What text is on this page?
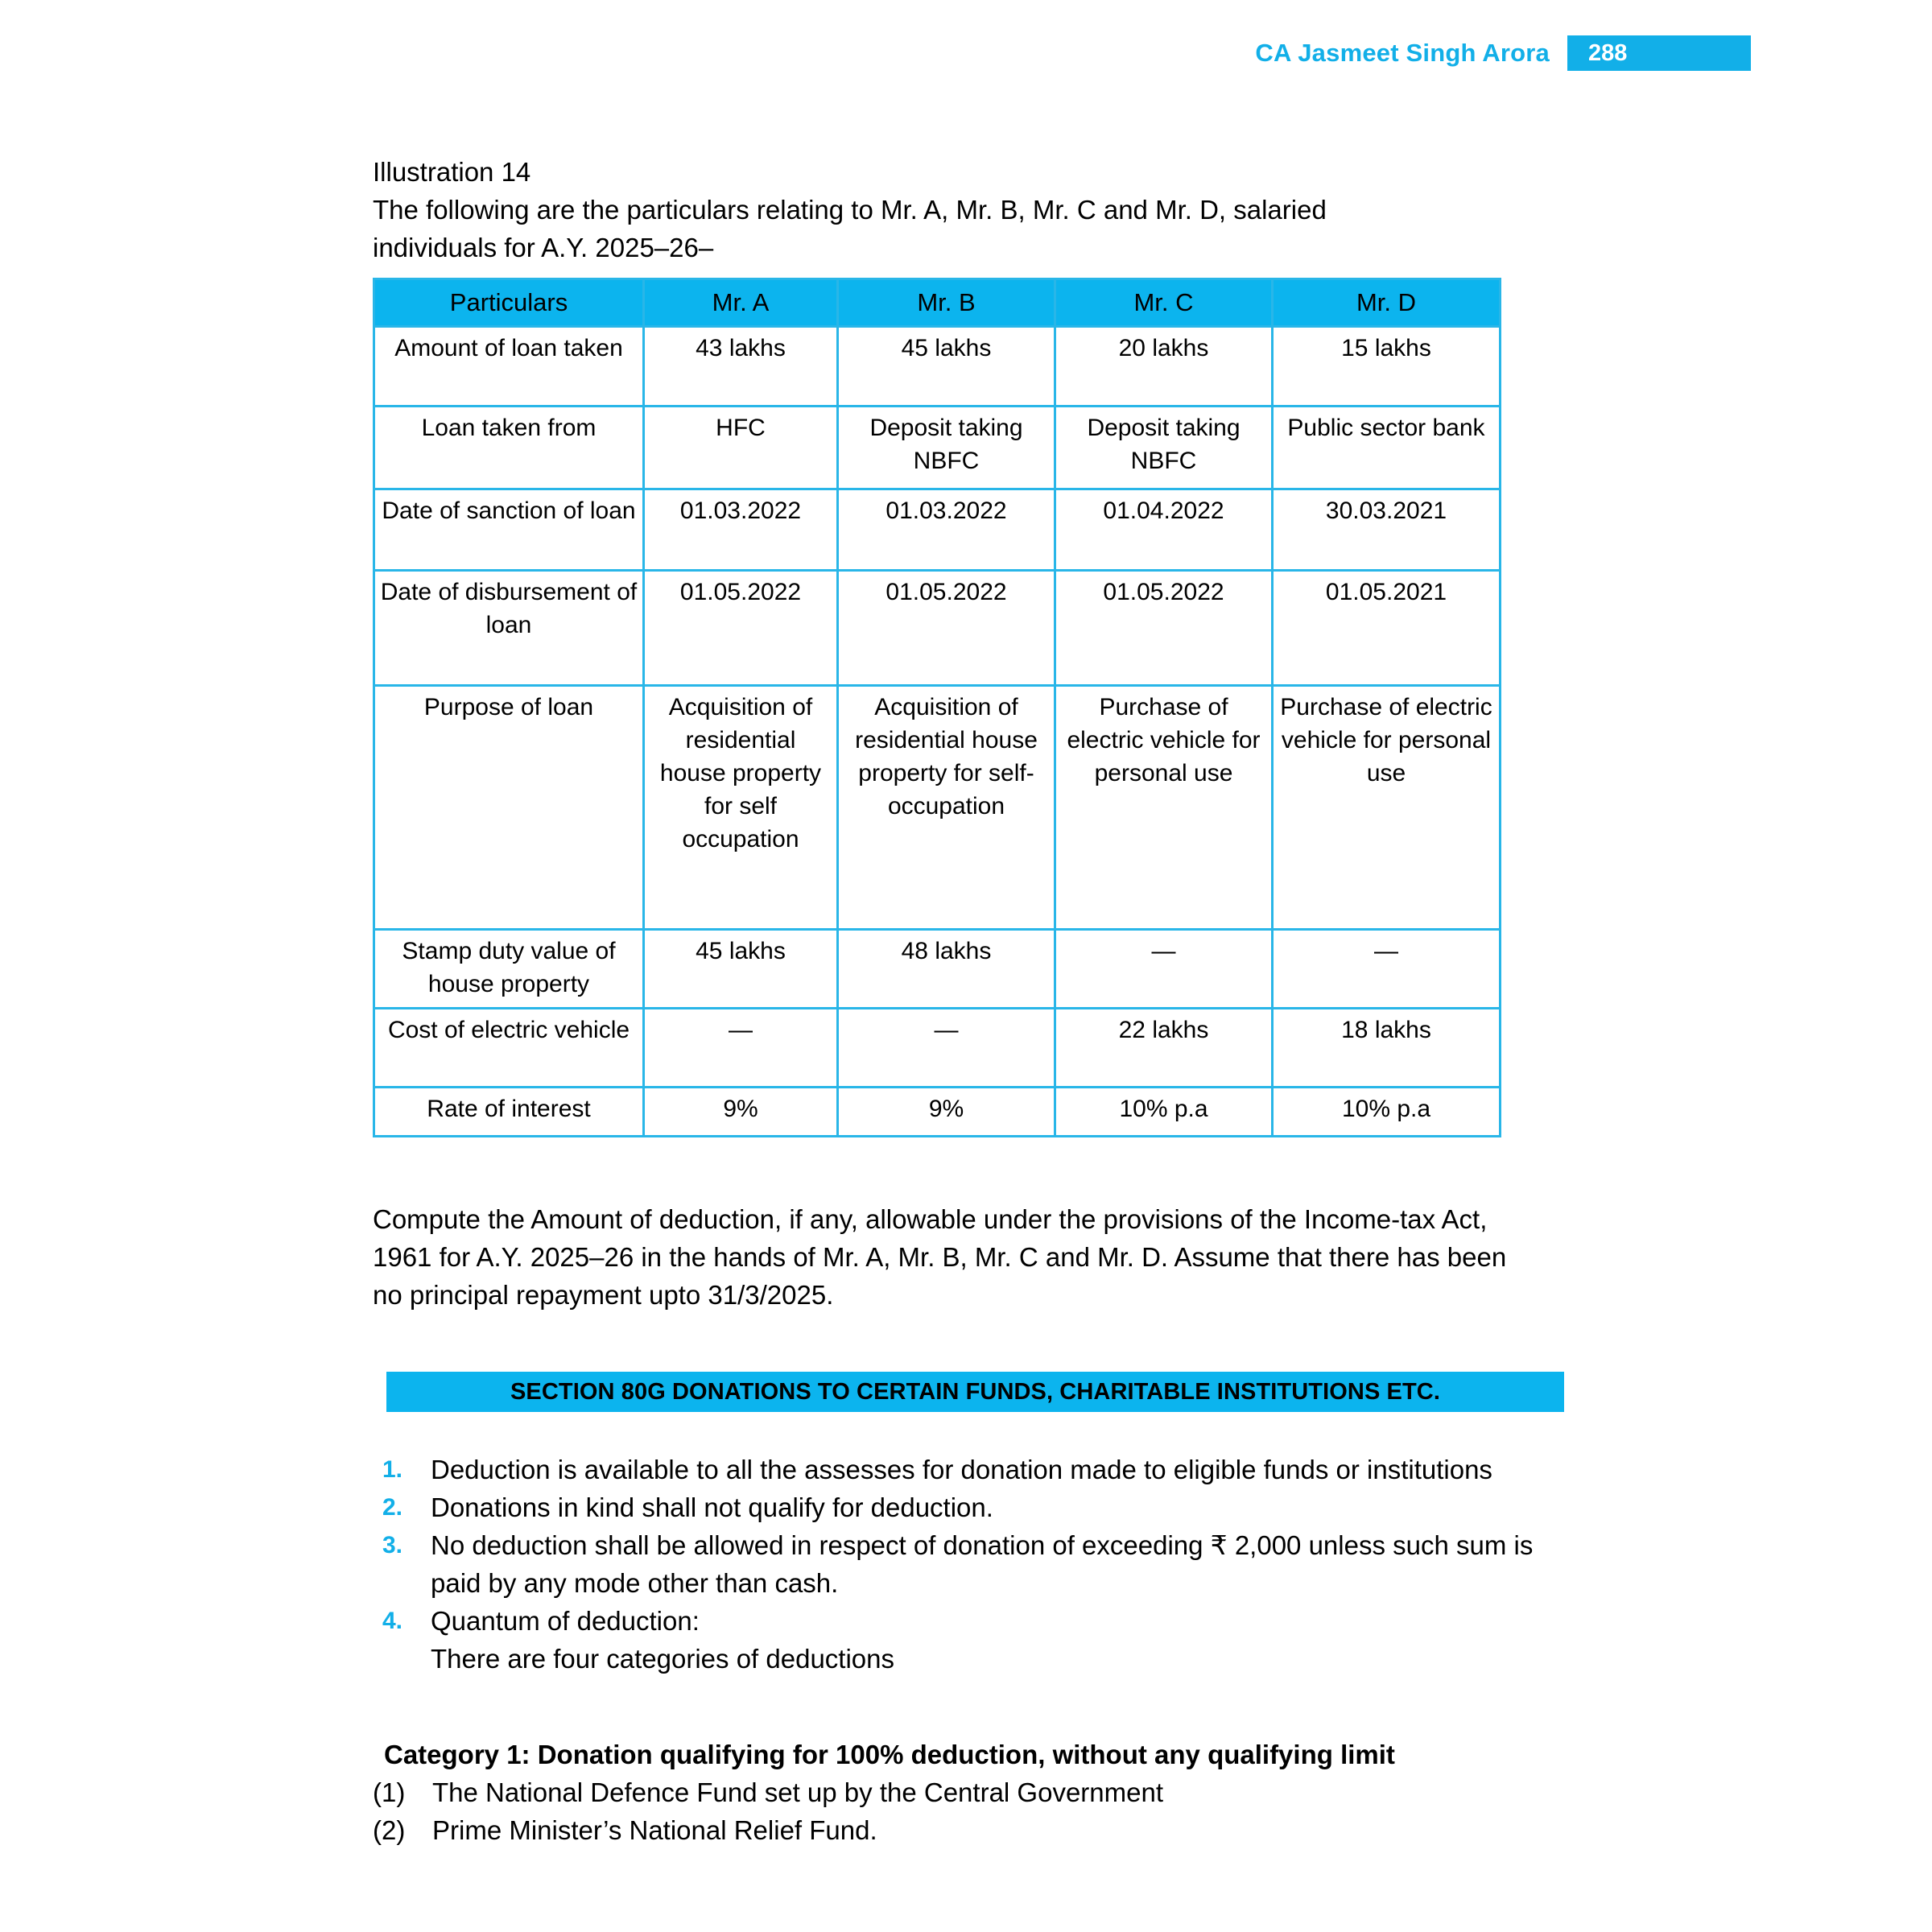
CA Jasmeet Singh Arora	288
Illustration 14
The following are the particulars relating to Mr. A, Mr. B, Mr. C and Mr. D, salaried
individuals for A.Y. 2025–26–
Particulars	Mr. A	Mr. B	Mr. C	Mr. D
Amount of loan taken	43 lakhs	45 lakhs	20 lakhs	15 lakhs
Loan taken from	HFC	Deposit taking NBFC	Deposit taking NBFC	Public sector bank
Date of sanction of loan	01.03.2022	01.03.2022	01.04.2022	30.03.2021
Date of disbursement of loan	01.05.2022	01.05.2022	01.05.2022	01.05.2021
Purpose of loan	Acquisition of residential house property for self occupation	Acquisition of residential house property for self-occupation	Purchase of electric vehicle for personal use	Purchase of electric vehicle for personal use
Stamp duty value of house property	45 lakhs	48 lakhs	—	—
Cost of electric vehicle	—	—	22 lakhs	18 lakhs
Rate of interest	9%	9%	10% p.a	10% p.a
Compute the Amount of deduction, if any, allowable under the provisions of the Income-tax Act, 1961 for A.Y. 2025–26 in the hands of Mr. A, Mr. B, Mr. C and Mr. D. Assume that there has been no principal repayment upto 31/3/2025.
SECTION 80G DONATIONS TO CERTAIN FUNDS, CHARITABLE INSTITUTIONS ETC.
1. Deduction is available to all the assesses for donation made to eligible funds or institutions
2. Donations in kind shall not qualify for deduction.
3. No deduction shall be allowed in respect of donation of exceeding ₹ 2,000 unless such sum is paid by any mode other than cash.
4. Quantum of deduction:
There are four categories of deductions
Category 1: Donation qualifying for 100% deduction, without any qualifying limit
(1)	The National Defence Fund set up by the Central Government
(2)	Prime Minister’s National Relief Fund.
